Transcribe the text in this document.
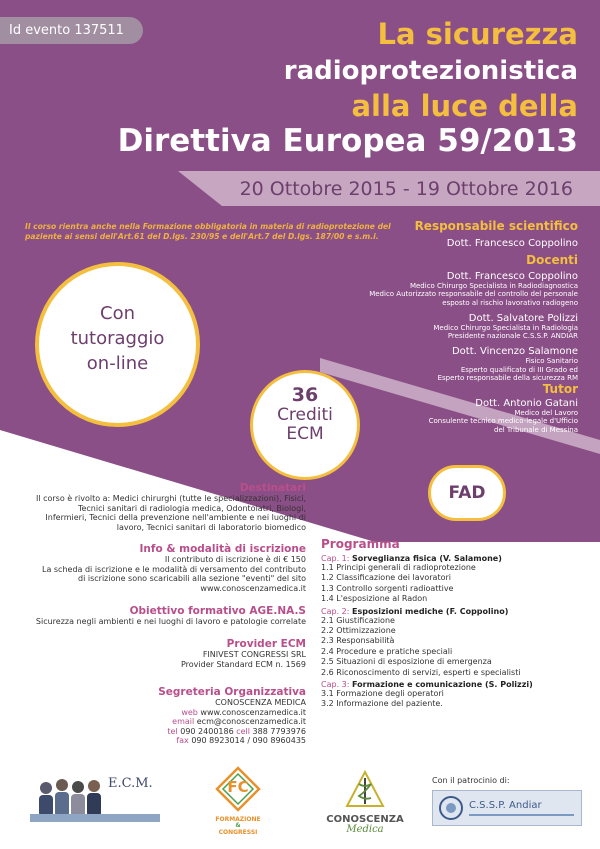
Id evento 137511	La sicurezza
radioprotezionistica
alla luce della
Direttiva Europea 59/2013
20 Ottobre 2015 - 19 Ottobre 2016
Il corso rientra anche nella Formazione obbligatoria in materia di radioprotezione del paziente ai sensi dell'Art.61 del D.lgs. 230/95 e dell'Art.7 del D.lgs. 187/00 e s.m.i.
Responsabile scientifico
Dott. Francesco Coppolino
Docenti
Dott. Francesco Coppolino
Medico Chirurgo Specialista in Radiodiagnostica
Medico Autorizzato responsabile del controllo del personale
esposto al rischio lavorativo radiogeno
Dott. Salvatore Polizzi
Medico Chirurgo Specialista in Radiologia
Presidente nazionale C.S.S.P. ANDIAR
Dott. Vincenzo Salamone
Fisico Sanitario
Esperto qualificato di III Grado ed
Esperto responsabile della sicurezza RM
Tutor
Dott. Antonio Gatani
Medico del Lavoro
Consulente tecnico medico-legale d'Ufficio
del Tribunale di Messina
Con
tutoraggio
on-line
36
Crediti
ECM
FAD
Destinatari
Il corso è rivolto a: Medici chirurghi (tutte le specializzazioni), Fisici,
Tecnici sanitari di radiologia medica, Odontoiatri, Biologi,
Infermieri, Tecnici della prevenzione nell'ambiente e nei luoghi di
lavoro, Tecnici sanitari di laboratorio biomedico
Info & modalità di iscrizione
Il contributo di iscrizione è di € 150
La scheda di iscrizione e le modalità di versamento del contributo
di iscrizione sono scaricabili alla sezione "eventi" del sito
www.conoscenzamedica.it
Obiettivo formativo AGE.NA.S
Sicurezza negli ambienti e nei luoghi di lavoro e patologie correlate
Provider ECM
FINIVEST CONGRESSI SRL
Provider Standard ECM n. 1569
Segreteria Organizzativa
CONOSCENZA MEDICA
web www.conoscenzamedica.it
email ecm@conoscenzamedica.it
tel 090 2400186 cell 388 7793976
fax 090 8923014 / 090 8960435
Programma
Cap. 1: Sorveglianza fisica (V. Salamone)
1.1 Principi generali di radioprotezione
1.2 Classificazione dei lavoratori
1.3 Controllo sorgenti radioattive
1.4 L'esposizione al Radon
Cap. 2: Esposizioni mediche (F. Coppolino)
2.1 Giustificazione
2.2 Ottimizzazione
2.3 Responsabilità
2.4 Procedure e pratiche speciali
2.5 Situazioni di esposizione di emergenza
2.6 Riconoscimento di servizi, esperti e specialisti
Cap. 3: Formazione e comunicazione (S. Polizzi)
3.1 Formazione degli operatori
3.2 Informazione del paziente.
E.C.M.	FC
FORMAZIONE
&
CONGRESSI
CONOSCENZA
Medica
Con il patrocinio di:
C.S.S.P. Andiar
